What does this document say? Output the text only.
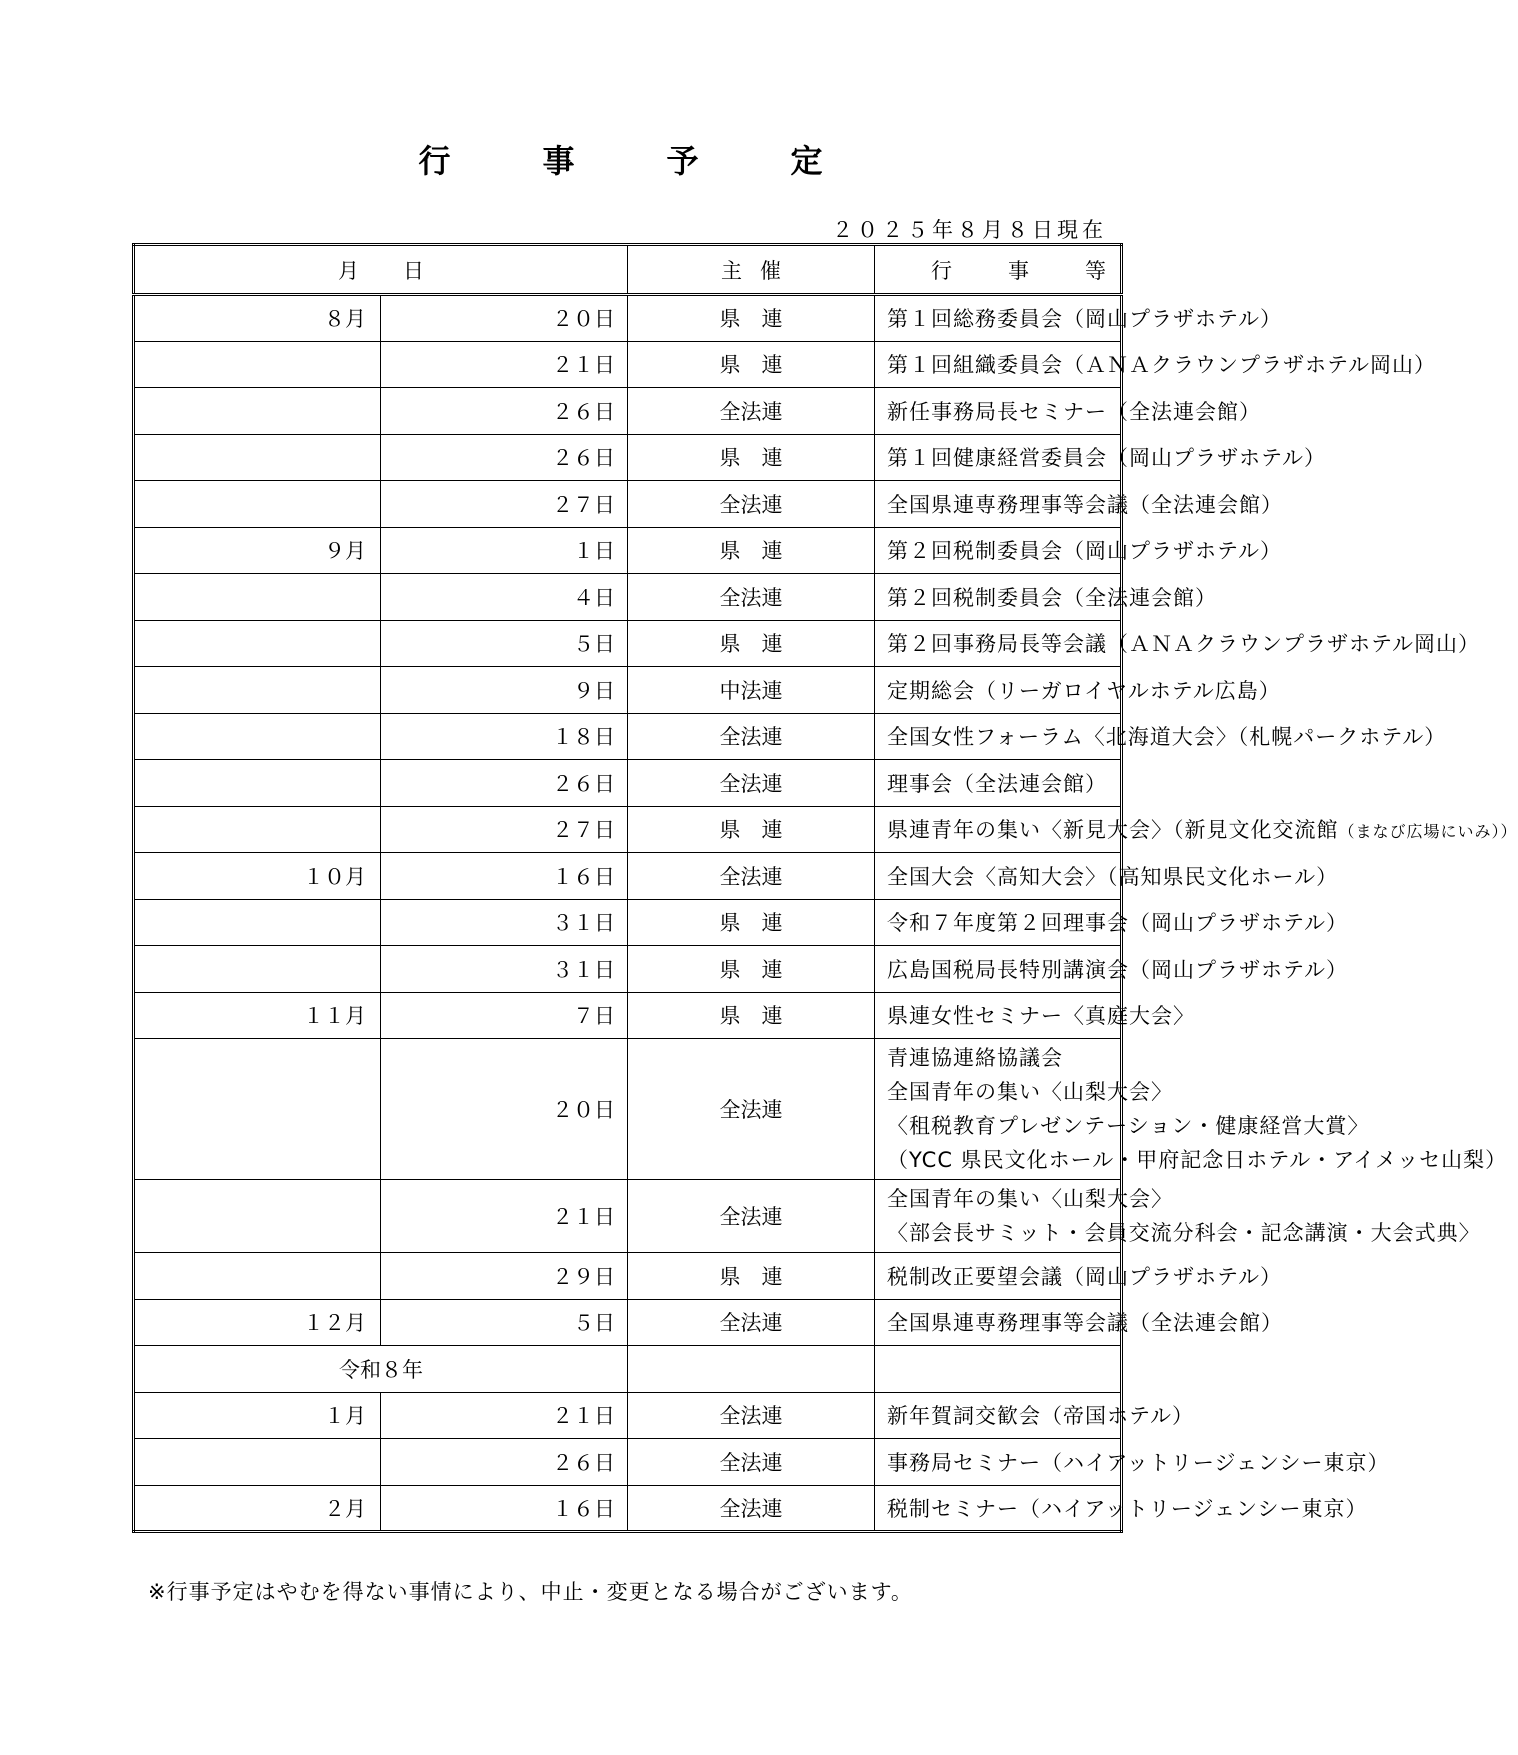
行　事　予　定
２０２５年８月８日現在
月 日		主催	行事等
８月	２０日	県　連	第１回総務委員会（岡山プラザホテル）

	２１日	県　連	第１回組織委員会（ＡＮＡクラウンプラザホテル岡山）

	２６日	全法連	新任事務局長セミナー（全法連会館）

	２６日	県　連	第１回健康経営委員会（岡山プラザホテル）

	２７日	全法連	全国県連専務理事等会議（全法連会館）

９月	１日	県　連	第２回税制委員会（岡山プラザホテル）

	４日	全法連	第２回税制委員会（全法連会館）

	５日	県　連	第２回事務局長等会議（ＡＮＡクラウンプラザホテル岡山）

	９日	中法連	定期総会（リーガロイヤルホテル広島）

	１８日	全法連	全国女性フォーラム〈北海道大会〉（札幌パークホテル）

	２６日	全法連	理事会（全法連会館）

	２７日	県　連	県連青年の集い〈新見大会〉（新見文化交流館（まなび広場にいみ））

１０月	１６日	全法連	全国大会〈高知大会〉（高知県民文化ホール）

	３１日	県　連	令和７年度第２回理事会（岡山プラザホテル）

	３１日	県　連	広島国税局長特別講演会（岡山プラザホテル）

１１月	７日	県　連	県連女性セミナー〈真庭大会〉

	２０日	全法連	青連協連絡協議会
全国青年の集い〈山梨大会〉
〈租税教育プレゼンテーション・健康経営大賞〉
（YCC 県民文化ホール・甲府記念日ホテル・アイメッセ山梨）

	２１日	全法連	全国青年の集い〈山梨大会〉
〈部会長サミット・会員交流分科会・記念講演・大会式典〉

	２９日	県　連	税制改正要望会議（岡山プラザホテル）

１２月	５日	全法連	全国県連専務理事等会議（全法連会館）

令和８年			
１月	２１日	全法連	新年賀詞交歓会（帝国ホテル）

	２６日	全法連	事務局セミナー（ハイアットリージェンシー東京）

２月	１６日	全法連	税制セミナー（ハイアットリージェンシー東京）
※行事予定はやむを得ない事情により、中止・変更となる場合がございます。
